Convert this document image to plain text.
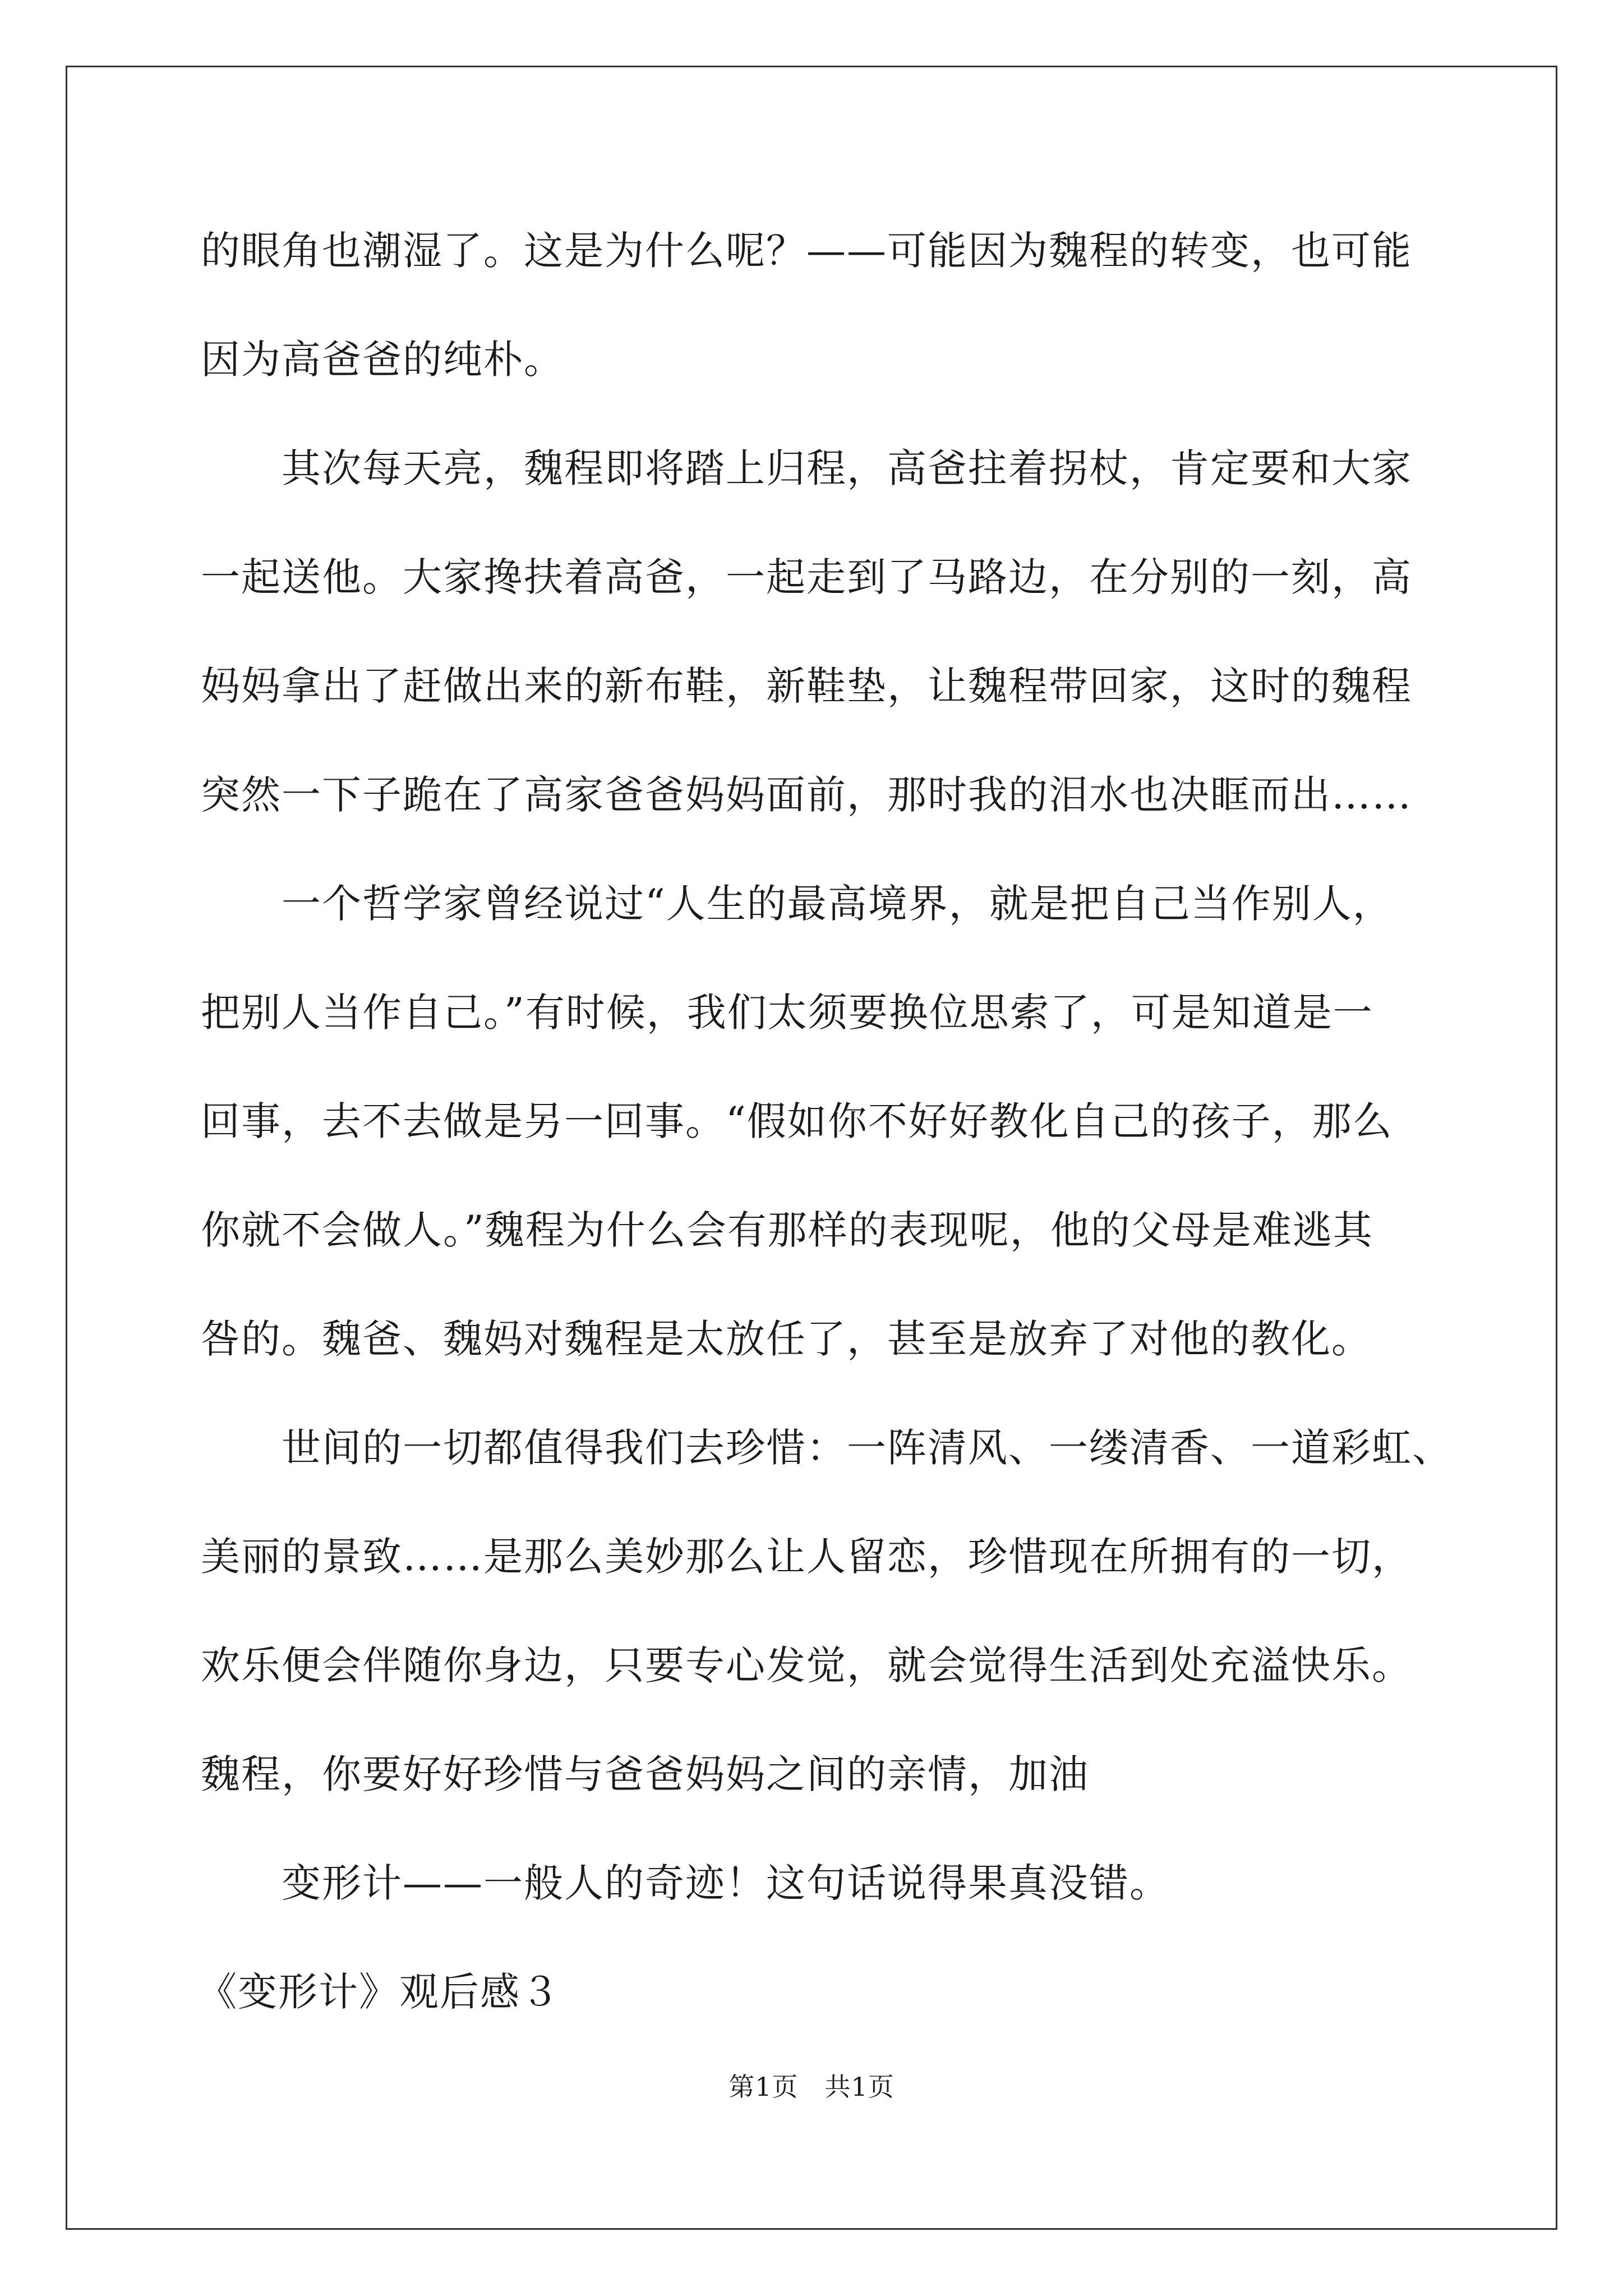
的眼角也潮湿了。这是为什么呢？——可能因为魏程的转变，也可能
因为高爸爸的纯朴。
其次每天亮，魏程即将踏上归程，高爸拄着拐杖，肯定要和大家
一起送他。大家搀扶着高爸，一起走到了马路边，在分别的一刻，高
妈妈拿出了赶做出来的新布鞋，新鞋垫，让魏程带回家，这时的魏程
突然一下子跪在了高家爸爸妈妈面前，那时我的泪水也决眶而出……
一个哲学家曾经说过“人生的最高境界，就是把自己当作别人，
把别人当作自己。”有时候，我们太须要换位思索了，可是知道是一
回事，去不去做是另一回事。“假如你不好好教化自己的孩子，那么
你就不会做人。”魏程为什么会有那样的表现呢，他的父母是难逃其
咎的。魏爸、魏妈对魏程是太放任了，甚至是放弃了对他的教化。
世间的一切都值得我们去珍惜：一阵清风、一缕清香、一道彩虹、
美丽的景致……是那么美妙那么让人留恋，珍惜现在所拥有的一切，
欢乐便会伴随你身边，只要专心发觉，就会觉得生活到处充溢快乐。
魏程，你要好好珍惜与爸爸妈妈之间的亲情，加油
变形计——一般人的奇迹！这句话说得果真没错。
《变形计》观后感３
第1页　共1页
